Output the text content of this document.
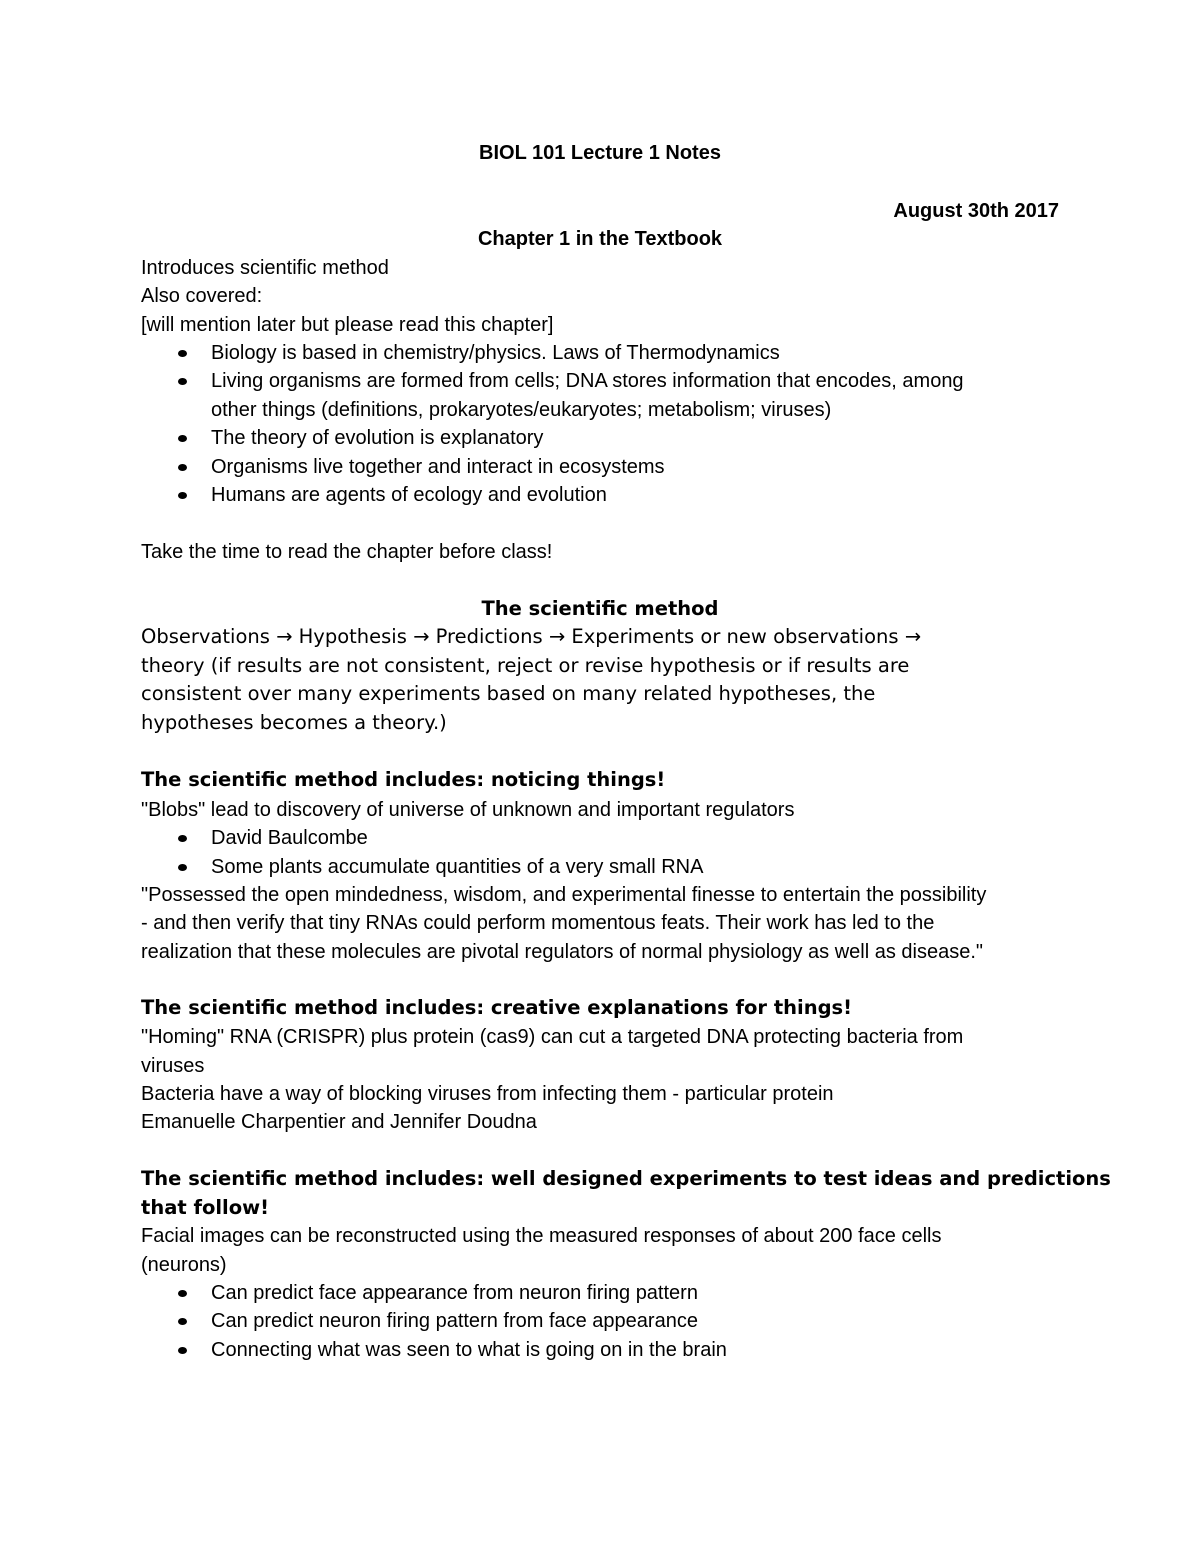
BIOL 101 Lecture 1 Notes
August 30th 2017
Chapter 1 in the Textbook
Introduces scientific method
Also covered:
[will mention later but please read this chapter]
Biology is based in chemistry/physics. Laws of Thermodynamics
Living organisms are formed from cells; DNA stores information that encodes, among
other things (definitions, prokaryotes/eukaryotes; metabolism; viruses)
The theory of evolution is explanatory
Organisms live together and interact in ecosystems
Humans are agents of ecology and evolution
Take the time to read the chapter before class!
The scientific method
Observations → Hypothesis → Predictions → Experiments or new observations →
theory (if results are not consistent, reject or revise hypothesis or if results are
consistent over many experiments based on many related hypotheses, the
hypotheses becomes a theory.)
The scientific method includes: noticing things!
"Blobs" lead to discovery of universe of unknown and important regulators
David Baulcombe
Some plants accumulate quantities of a very small RNA
"Possessed the open mindedness, wisdom, and experimental finesse to entertain the possibility
- and then verify that tiny RNAs could perform momentous feats. Their work has led to the
realization that these molecules are pivotal regulators of normal physiology as well as disease."
The scientific method includes: creative explanations for things!
"Homing" RNA (CRISPR) plus protein (cas9) can cut a targeted DNA protecting bacteria from
viruses
Bacteria have a way of blocking viruses from infecting them - particular protein
Emanuelle Charpentier and Jennifer Doudna
The scientific method includes: well designed experiments to test ideas and predictions
that follow!
Facial images can be reconstructed using the measured responses of about 200 face cells
(neurons)
Can predict face appearance from neuron firing pattern
Can predict neuron firing pattern from face appearance
Connecting what was seen to what is going on in the brain
